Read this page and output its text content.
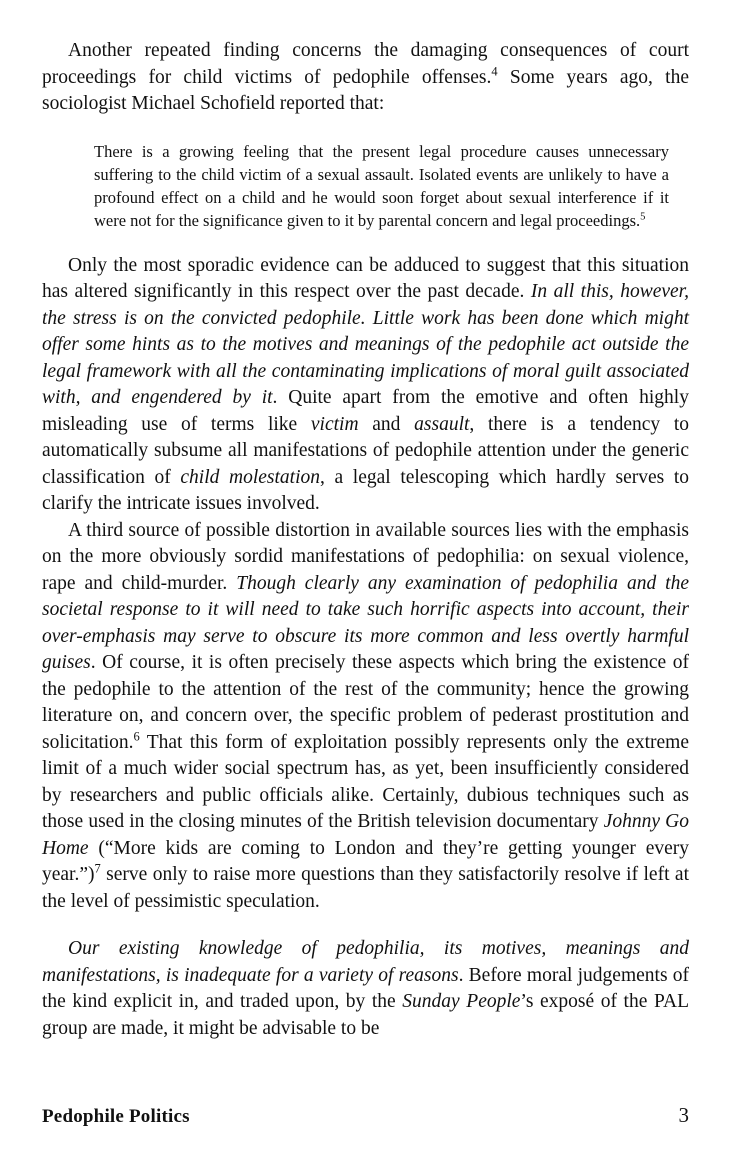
Another repeated finding concerns the damaging consequences of court proceedings for child victims of pedophile offenses.$^4$ Some years ago, the sociologist Michael Schofield reported that:

There is a growing feeling that the present legal procedure causes unnecessary suffering to the child victim of a sexual assault. Isolated events are unlikely to have a profound effect on a child and he would soon forget about sexual interference if it were not for the significance given to it by parental concern and legal proceedings.$^5$

Only the most sporadic evidence can be adduced to suggest that this situation has altered significantly in this respect over the past decade. In all this, however, the stress is on the convicted pedophile. Little work has been done which might offer some hints as to the motives and meanings of the pedophile act outside the legal framework with all the contaminating implications of moral guilt associated with, and engendered by it. Quite apart from the emotive and often highly misleading use of terms like victim and assault, there is a tendency to automatically subsume all manifestations of pedophile attention under the generic classification of child molestation, a legal telescoping which hardly serves to clarify the intricate issues involved.

A third source of possible distortion in available sources lies with the emphasis on the more obviously sordid manifestations of pedophilia: on sexual violence, rape and child-murder. Though clearly any examination of pedophilia and the societal response to it will need to take such horrific aspects into account, their over-emphasis may serve to obscure its more common and less overtly harmful guises. Of course, it is often precisely these aspects which bring the existence of the pedophile to the attention of the rest of the community; hence the growing literature on, and concern over, the specific problem of pederast prostitution and solicitation.$^6$ That this form of exploitation possibly represents only the extreme limit of a much wider social spectrum has, as yet, been insufficiently considered by researchers and public officials alike. Certainly, dubious techniques such as those used in the closing minutes of the British television documentary Johnny Go Home (“More kids are coming to London and they’re getting younger every year.”)$^7$ serve only to raise more questions than they satisfactorily resolve if left at the level of pessimistic speculation.

Our existing knowledge of pedophilia, its motives, meanings and manifestations, is inadequate for a variety of reasons. Before moral judgements of the kind explicit in, and traded upon, by the Sunday People’s exposé of the PAL group are made, it might be advisable to be

Pedophile Politics	3
